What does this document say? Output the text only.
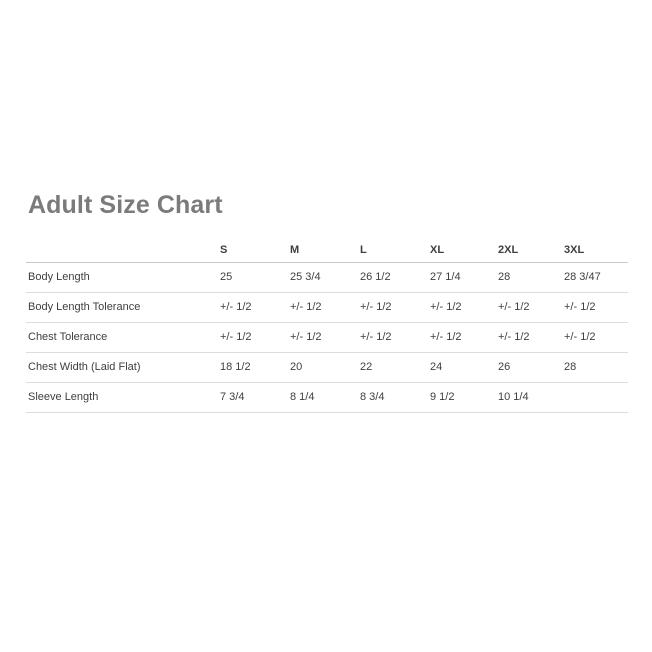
Adult Size Chart
	S	M	L	XL	2XL	3XL
Body Length	25	25 3/4	26 1/2	27 1/4	28	28 3/47
Body Length Tolerance	+/- 1/2	+/- 1/2	+/- 1/2	+/- 1/2	+/- 1/2	+/- 1/2
Chest Tolerance	+/- 1/2	+/- 1/2	+/- 1/2	+/- 1/2	+/- 1/2	+/- 1/2
Chest Width (Laid Flat)	18 1/2	20	22	24	26	28
Sleeve Length	7 3/4	8 1/4	8 3/4	9 1/2	10 1/4	
